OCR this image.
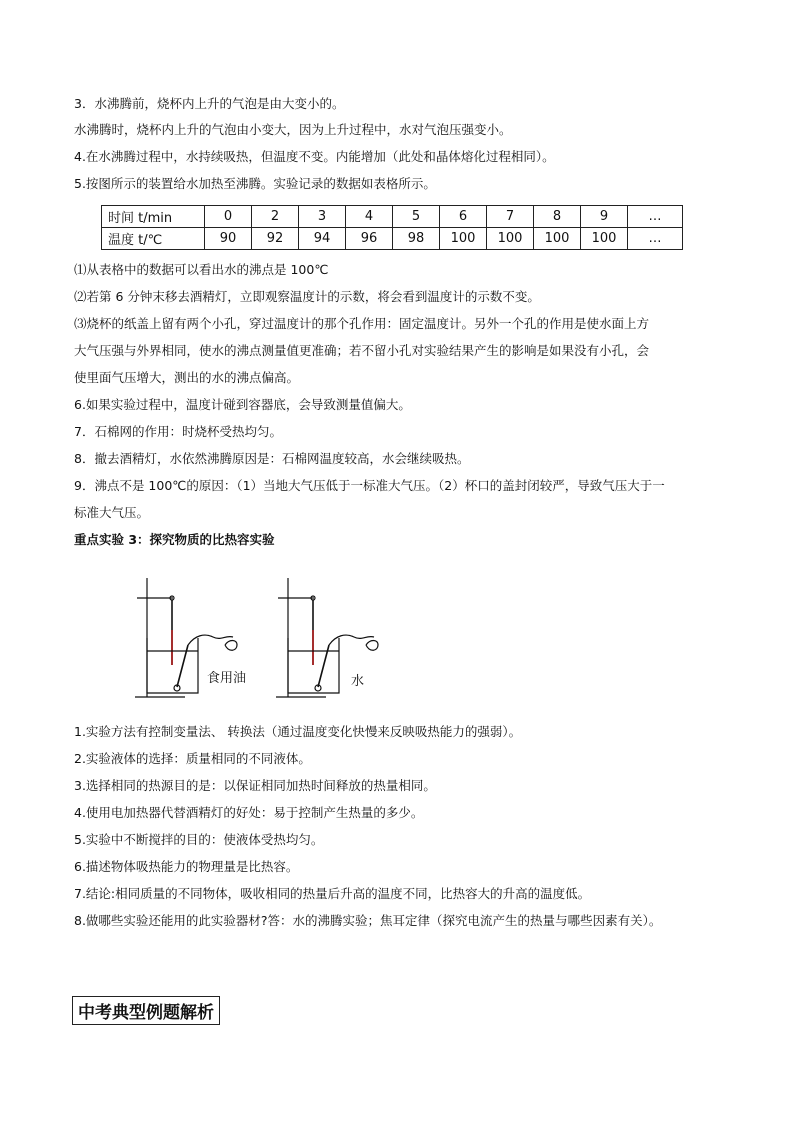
3．水沸腾前，烧杯内上升的气泡是由大变小的。
水沸腾时，烧杯内上升的气泡由小变大，因为上升过程中，水对气泡压强变小。
4.在水沸腾过程中，水持续吸热，但温度不变。内能增加（此处和晶体熔化过程相同）。
5.按图所示的装置给水加热至沸腾。实验记录的数据如表格所示。
时间 t/min	0	2	3	4	5	6	7	8	9	…
温度 t/℃	90	92	94	96	98	100	100	100	100	…
⑴从表格中的数据可以看出水的沸点是 100℃
⑵若第 6 分钟末移去酒精灯，立即观察温度计的示数，将会看到温度计的示数不变。
⑶烧杯的纸盖上留有两个小孔，穿过温度计的那个孔作用：固定温度计。另外一个孔的作用是使水面上方
大气压强与外界相同，使水的沸点测量值更准确；若不留小孔对实验结果产生的影响是如果没有小孔，会
使里面气压增大，测出的水的沸点偏高。
6.如果实验过程中，温度计碰到容器底，会导致测量值偏大。
7．石棉网的作用：时烧杯受热均匀。
8．撤去酒精灯，水依然沸腾原因是：石棉网温度较高，水会继续吸热。
9．沸点不是 100℃的原因：（1）当地大气压低于一标准大气压。（2）杯口的盖封闭较严，导致气压大于一
标准大气压。
重点实验 3：探究物质的比热容实验
食用油	水
1.实验方法有控制变量法、 转换法（通过温度变化快慢来反映吸热能力的强弱）。
2.实验液体的选择：质量相同的不同液体。
3.选择相同的热源目的是：以保证相同加热时间释放的热量相同。
4.使用电加热器代替酒精灯的好处：易于控制产生热量的多少。
5.实验中不断搅拌的目的：使液体受热均匀。
6.描述物体吸热能力的物理量是比热容。
7.结论:相同质量的不同物体，吸收相同的热量后升高的温度不同，比热容大的升高的温度低。
8.做哪些实验还能用的此实验器材?答：水的沸腾实验；焦耳定律（探究电流产生的热量与哪些因素有关）。
中考典型例题解析
